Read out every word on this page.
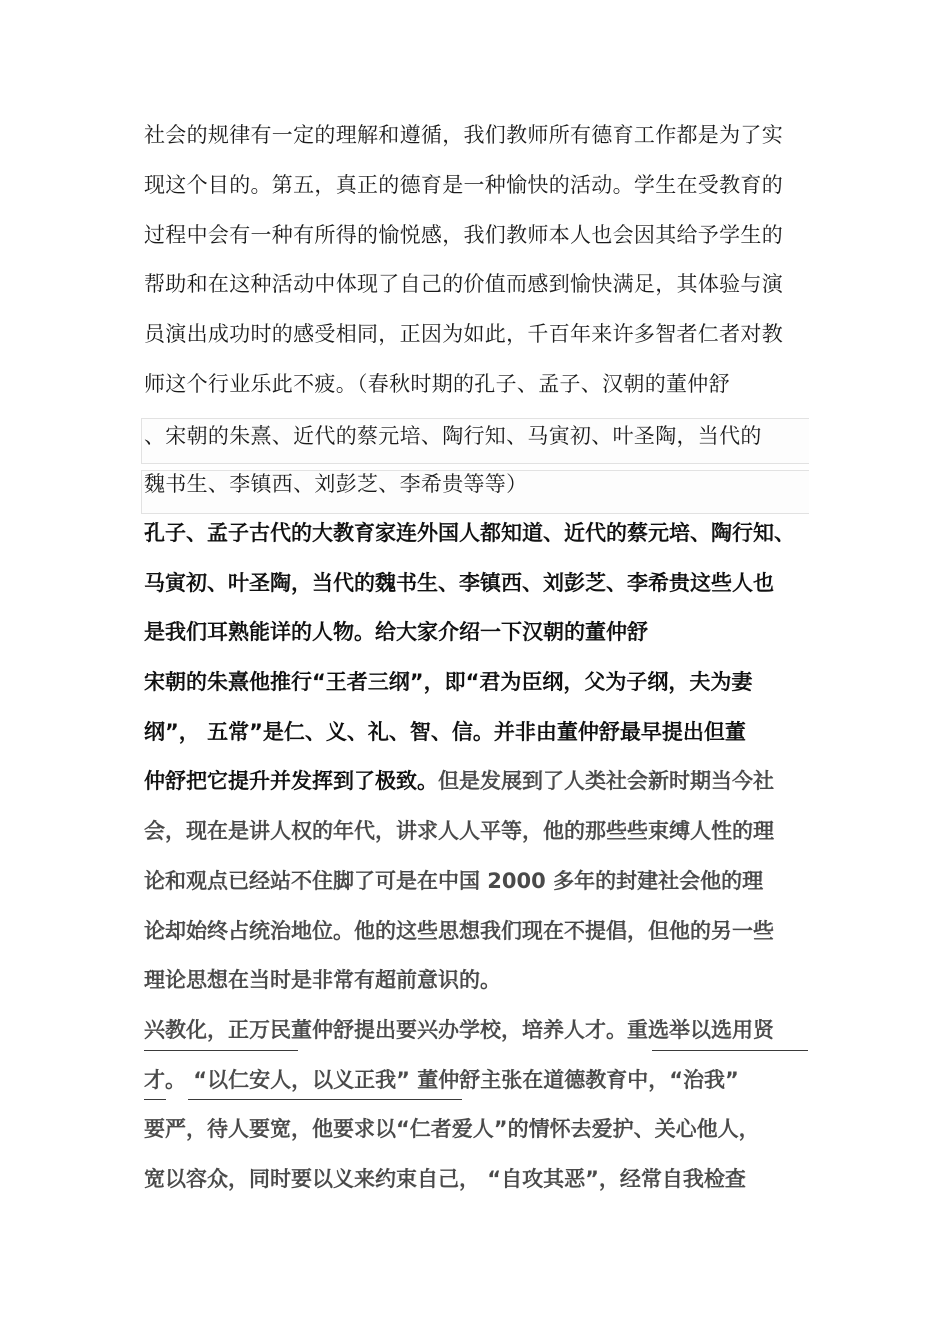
社会的规律有一定的理解和遵循，我们教师所有德育工作都是为了实
现这个目的。第五，真正的德育是一种愉快的活动。学生在受教育的
过程中会有一种有所得的愉悦感，我们教师本人也会因其给予学生的
帮助和在这种活动中体现了自己的价值而感到愉快满足，其体验与演
员演出成功时的感受相同，正因为如此，千百年来许多智者仁者对教
师这个行业乐此不疲。（春秋时期的孔子、孟子、汉朝的董仲舒
、宋朝的朱熹、近代的蔡元培、陶行知、马寅初、叶圣陶，当代的
魏书生、李镇西、刘彭芝、李希贵等等）
孔子、孟子古代的大教育家连外国人都知道、近代的蔡元培、陶行知、
马寅初、叶圣陶，当代的魏书生、李镇西、刘彭芝、李希贵这些人也
是我们耳熟能详的人物。给大家介绍一下汉朝的董仲舒
宋朝的朱熹他推行“王者三纲”，即“君为臣纲，父为子纲，夫为妻
纲”， 五常”是仁、义、礼、智、信。并非由董仲舒最早提出但董
仲舒把它提升并发挥到了极致。但是发展到了人类社会新时期当今社
会，现在是讲人权的年代，讲求人人平等，他的那些些束缚人性的理
论和观点已经站不住脚了可是在中国 2000 多年的封建社会他的理
论却始终占统治地位。他的这些思想我们现在不提倡，但他的另一些
理论思想在当时是非常有超前意识的。
兴教化，正万民董仲舒提出要兴办学校，培养人才。重选举以选用贤
才。 “以仁安人，以义正我” 董仲舒主张在道德教育中，“治我”
要严，待人要宽，他要求以“仁者爱人”的情怀去爱护、关心他人，
宽以容众，同时要以义来约束自己， “自攻其恶”，经常自我检查
